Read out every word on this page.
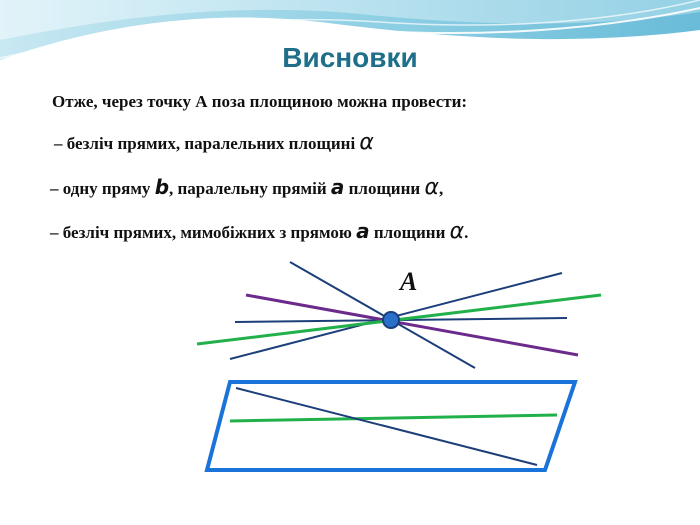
Висновки
Отже, через точку А поза площиною можна провести:
– безліч прямих, паралельних площині α
– одну пряму b, паралельну прямій a площини α,
– безліч прямих, мимобіжних з прямою a площини α.
A
